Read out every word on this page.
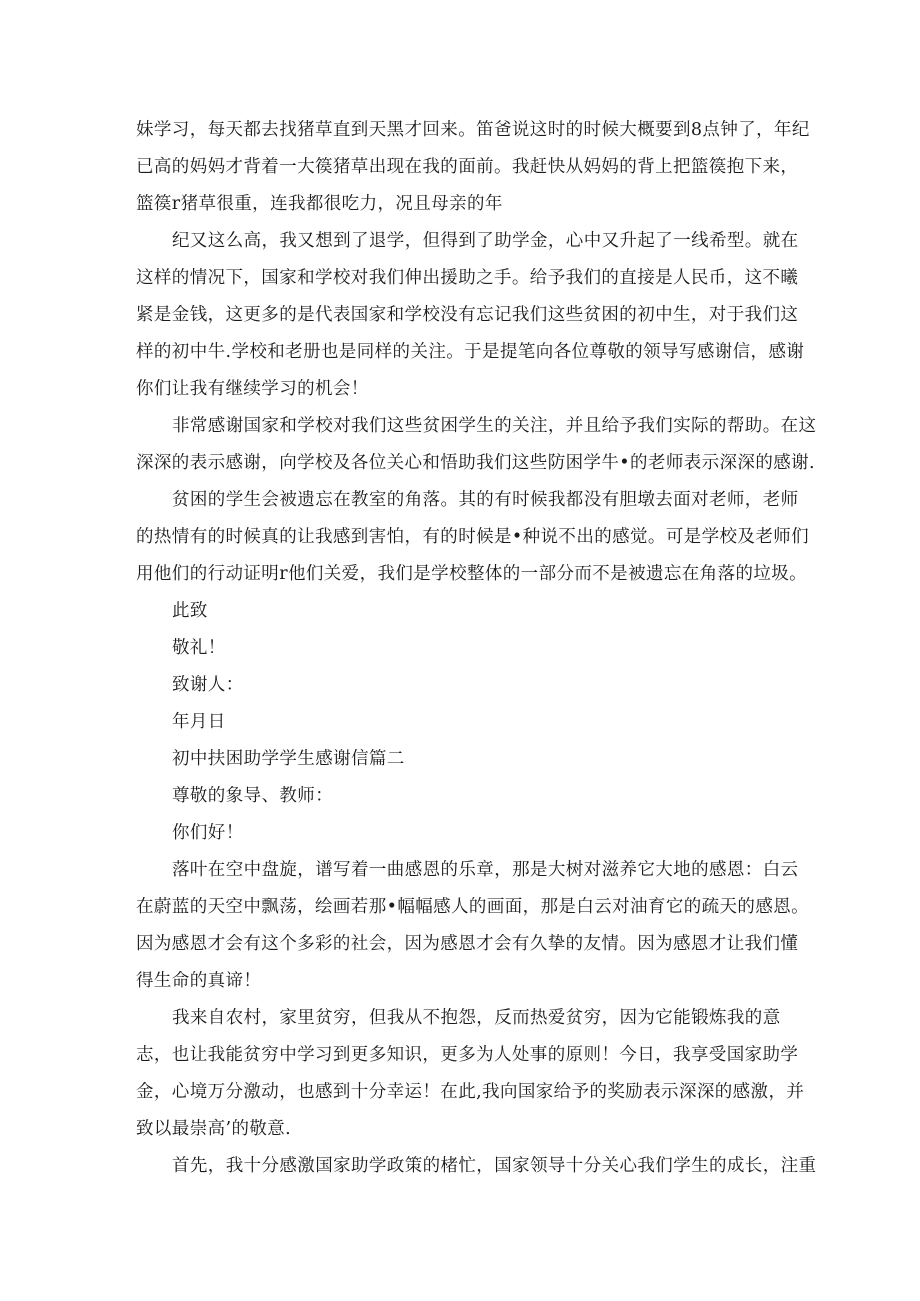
妹学习，每天都去找猪草直到天黑才回来。笛爸说这时的时候大概要到8点钟了，年纪

已高的妈妈才背着一大篌猪草出现在我的面前。我赶快从妈妈的背上把篮篌抱下来，

篮篌r猪草很重，连我都很吃力，况且母亲的年

纪又这么高，我又想到了退学，但得到了助学金，心中又升起了一线希型。就在

这样的情况下，国家和学校对我们伸出援助之手。给予我们的直接是人民币，这不曦

紧是金钱，这更多的是代表国家和学校没有忘记我们这些贫困的初中生，对于我们这

样的初中牛.学校和老册也是同样的关注。于是提笔向各位尊敬的领导写感谢信，感谢

你们让我有继续学习的机会！

非常感谢国家和学校对我们这些贫困学生的关注，并且给予我们实际的帮助。在这

深深的表示感谢，向学校及各位关心和悟助我们这些防困学牛•的老师表示深深的感谢.

贫困的学生会被遗忘在教室的角落。其的有时候我都没有胆墩去面对老师，老师

的热情有的时候真的让我感到害怕，有的时候是•种说不出的感觉。可是学校及老师们

用他们的行动证明r他们关爱，我们是学校整体的一部分而不是被遗忘在角落的垃圾。

此致

敬礼！

致谢人：

年月日

初中扶困助学学生感谢信篇二

尊敬的象导、教师：

你们好！

落叶在空中盘旋，谱写着一曲感恩的乐章，那是大树对滋养它大地的感恩：白云

在蔚蓝的天空中飘荡，绘画若那•幅幅感人的画面，那是白云对油育它的疏天的感恩。

因为感恩才会有这个多彩的社会，因为感恩才会有久挚的友情。因为感恩才让我们懂

得生命的真谛！

我来自农村，家里贫穷，但我从不抱怨，反而热爱贫穷，因为它能锻炼我的意

志，也让我能贫穷中学习到更多知识，更多为人处事的原则！今日，我享受国家助学

金，心境万分激动，也感到十分幸运！在此,我向国家给予的奖励表示深深的感激，并

致以最崇高’的敬意.

首先，我十分感激国家助学政策的楮忙，国家领导十分关心我们学生的成长，注重
